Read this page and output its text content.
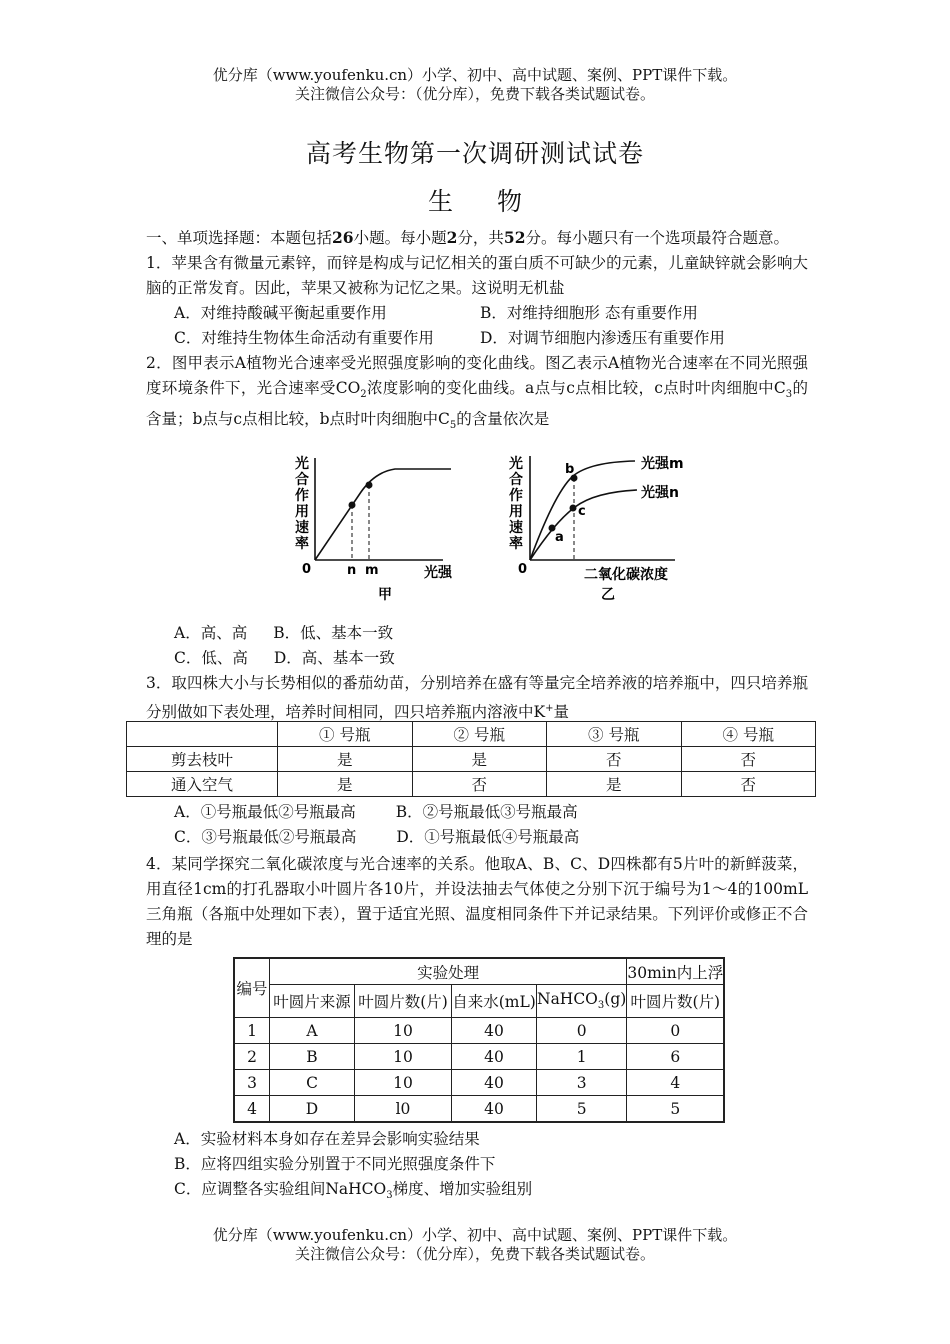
优分库（www.youfenku.cn）小学、初中、高中试题、案例、PPT课件下载。
关注微信公众号：（优分库），免费下载各类试题试卷。
高考生物第一次调研测试试卷
生 物

一、单项选择题：本题包括26小题。每小题2分，共52分。每小题只有一个选项最符合题意。

1．苹果含有微量元素锌，而锌是构成与记忆相关的蛋白质不可缺少的元素，儿童缺锌就会影响大脑的正常发育。因此，苹果又被称为记忆之果。这说明无机盐

A．对维持酸碱平衡起重要作用	B．对维持细胞形 态有重要作用
C．对维持生物体生命活动有重要作用	D．对调节细胞内渗透压有重要作用

2．图甲表示A植物光合速率受光照强度影响的变化曲线。图乙表示A植物光合速率在不同光照强度环境条件下，光合速率受$CO_2$浓度影响的变化曲线。a点与c点相比较，c点时叶肉细胞中$C_3$的含量；b点与c点相比较，b点时叶肉细胞中$C_5$的含量依次是

光
合
作
用
速
率
0	n m	光强
甲
光
合
作
用
速
率
0
a
b
c
光强m
光强n
二氧化碳浓度
乙
A．高、高 B．低、基本一致
C．低、高 D．高、基本一致

3．取四株大小与长势相似的番茄幼苗，分别培养在盛有等量完全培养液的培养瓶中，四只培养瓶分别做如下表处理，培养时间相同，四只培养瓶内溶液中K+量

	① 号瓶	② 号瓶	③ 号瓶	④ 号瓶
剪去枝叶	是	是	否	否
通入空气	是	否	是	否
A．①号瓶最低②号瓶最高	B．②号瓶最低③号瓶最高
C．③号瓶最低②号瓶最高	D．①号瓶最低④号瓶最高

4．某同学探究二氧化碳浓度与光合速率的关系。他取A、B、C、D四株都有5片叶的新鲜菠菜，用直径1cm的打孔器取小叶圆片各10片，并设法抽去气体使之分别下沉于编号为1～4的100mL三角瓶（各瓶中处理如下表），置于适宜光照、温度相同条件下并记录结果。下列评价或修正不合理的是

编号	实验处理				30min内上浮
	叶圆片来源	叶圆片数(片)	自来水(mL)	NaHCO$_3$(g)	叶圆片数(片)
1	A	10	40	0	0
2	B	10	40	1	6
3	C	10	40	3	4
4	D	l0	40	5	5
A．实验材料本身如存在差异会影响实验结果
B．应将四组实验分别置于不同光照强度条件下
C．应调整各实验组间NaHCO$_3$梯度、增加实验组别
优分库（www.youfenku.cn）小学、初中、高中试题、案例、PPT课件下载。
关注微信公众号：（优分库），免费下载各类试题试卷。
